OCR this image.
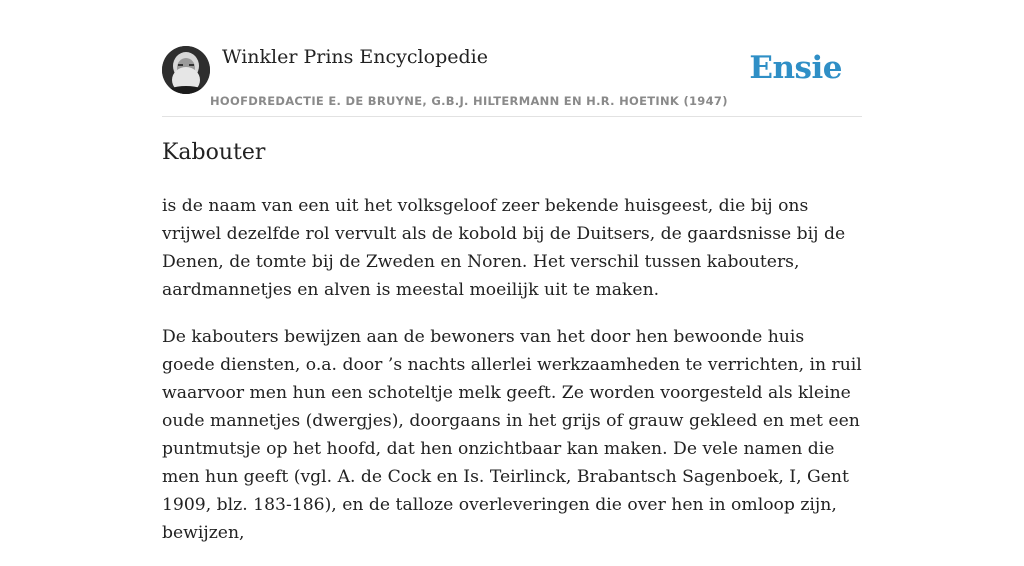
Winkler Prins Encyclopedie
HOOFDREDACTIE E. DE BRUYNE, G.B.J. HILTERMANN EN H.R. HOETINK (1947)
Ensie
Kabouter

is de naam van een uit het volksgeloof zeer bekende huisgeest, die bij ons vrijwel dezelfde rol vervult als de kobold bij de Duitsers, de gaardsnisse bij de Denen, de tomte bij de Zweden en Noren. Het verschil tussen kabouters, aardmannetjes en alven is meestal moeilijk uit te maken.

De kabouters bewijzen aan de bewoners van het door hen bewoonde huis goede diensten, o.a. door ’s nachts allerlei werkzaamheden te verrichten, in ruil waarvoor men hun een schoteltje melk geeft. Ze worden voorgesteld als kleine oude mannetjes (dwergjes), doorgaans in het grijs of grauw gekleed en met een puntmutsje op het hoofd, dat hen onzichtbaar kan maken. De vele namen die men hun geeft (vgl. A. de Cock en Is. Teirlinck, Brabantsch Sagenboek, I, Gent 1909, blz. 183-186), en de talloze overleveringen die over hen in omloop zijn, bewijzen,
